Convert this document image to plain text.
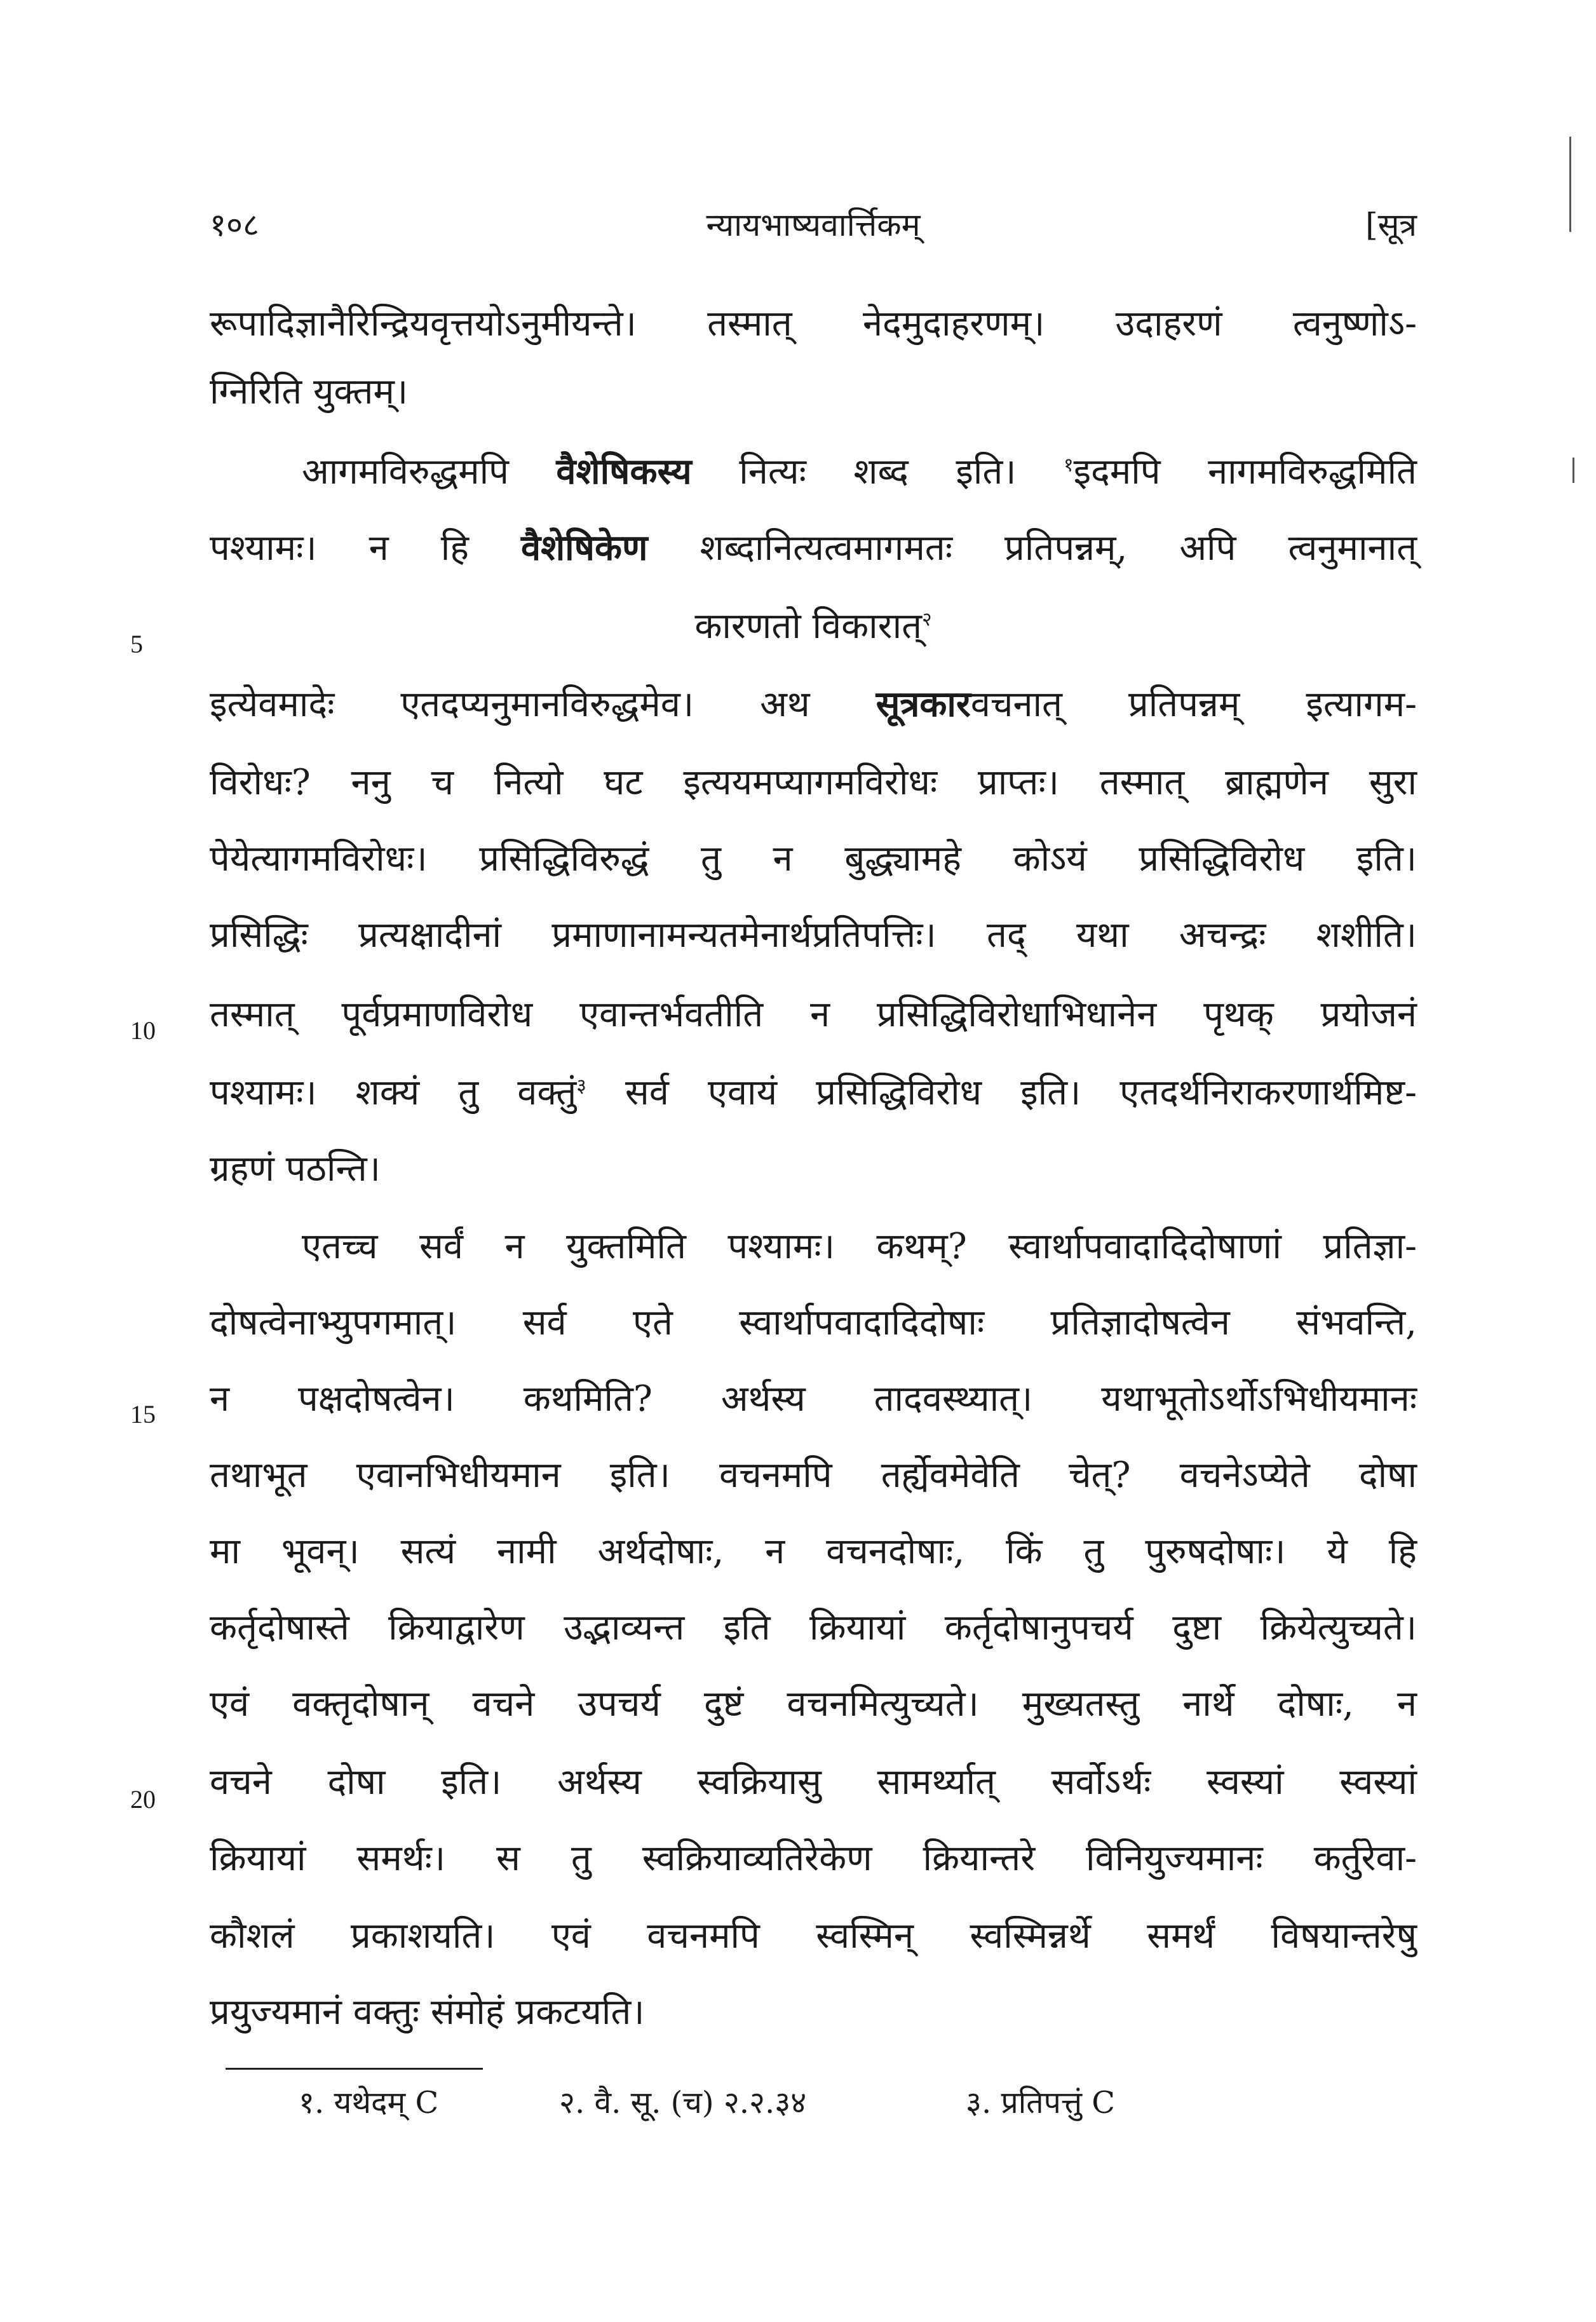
१०८	न्यायभाष्यवार्त्तिकम्	[सूत्र
रूपादिज्ञानैरिन्द्रियवृत्तयोऽनुमीयन्ते। तस्मात् नेदमुदाहरणम्। उदाहरणं त्वनुष्णोऽ-
ग्निरिति युक्तम्।
आगमविरुद्धमपि वैशेषिकस्य नित्यः शब्द इति। $^१$इदमपि नागमविरुद्धमिति
पश्यामः। न हि वैशेषिकेण शब्दानित्यत्वमागमतः प्रतिपन्नम्, अपि त्वनुमानात्
कारणतो विकारात्$^२$
इत्येवमादेः एतदप्यनुमानविरुद्धमेव। अथ सूत्रकारवचनात् प्रतिपन्नम् इत्यागम-
विरोधः? ननु च नित्यो घट इत्ययमप्यागमविरोधः प्राप्तः। तस्मात् ब्राह्मणेन सुरा
पेयेत्यागमविरोधः। प्रसिद्धिविरुद्धं तु न बुद्ध्यामहे कोऽयं प्रसिद्धिविरोध इति।
प्रसिद्धिः प्रत्यक्षादीनां प्रमाणानामन्यतमेनार्थप्रतिपत्तिः। तद् यथा अचन्द्रः शशीति।
तस्मात् पूर्वप्रमाणविरोध एवान्तर्भवतीति न प्रसिद्धिविरोधाभिधानेन पृथक् प्रयोजनं
पश्यामः। शक्यं तु वक्तुं$^३$ सर्व एवायं प्रसिद्धिविरोध इति। एतदर्थनिराकरणार्थमिष्ट-
ग्रहणं पठन्ति।
एतच्च सर्वं न युक्तमिति पश्यामः। कथम्? स्वार्थापवादादिदोषाणां प्रतिज्ञा-
दोषत्वेनाभ्युपगमात्। सर्व एते स्वार्थापवादादिदोषाः प्रतिज्ञादोषत्वेन संभवन्ति,
न पक्षदोषत्वेन। कथमिति? अर्थस्य तादवस्थ्यात्। यथाभूतोऽर्थोऽभिधीयमानः
तथाभूत एवानभिधीयमान इति। वचनमपि तर्ह्येवमेवेति चेत्? वचनेऽप्येते दोषा
मा भूवन्। सत्यं नामी अर्थदोषाः, न वचनदोषाः, किं तु पुरुषदोषाः। ये हि
कर्तृदोषास्ते क्रियाद्वारेण उद्भाव्यन्त इति क्रियायां कर्तृदोषानुपचर्य दुष्टा क्रियेत्युच्यते।
एवं वक्तृदोषान् वचने उपचर्य दुष्टं वचनमित्युच्यते। मुख्यतस्तु नार्थे दोषाः, न
वचने दोषा इति। अर्थस्य स्वक्रियासु सामर्थ्यात् सर्वोऽर्थः स्वस्यां स्वस्यां
क्रियायां समर्थः। स तु स्वक्रियाव्यतिरेकेण क्रियान्तरे विनियुज्यमानः कर्तुरेवा-
कौशलं प्रकाशयति। एवं वचनमपि स्वस्मिन् स्वस्मिन्नर्थे समर्थं विषयान्तरेषु
प्रयुज्यमानं वक्तुः संमोहं प्रकटयति।
5
10
15
20
१. यथेदम् C	२. वै. सू. (च) २.२.३४	३. प्रतिपत्तुं C
